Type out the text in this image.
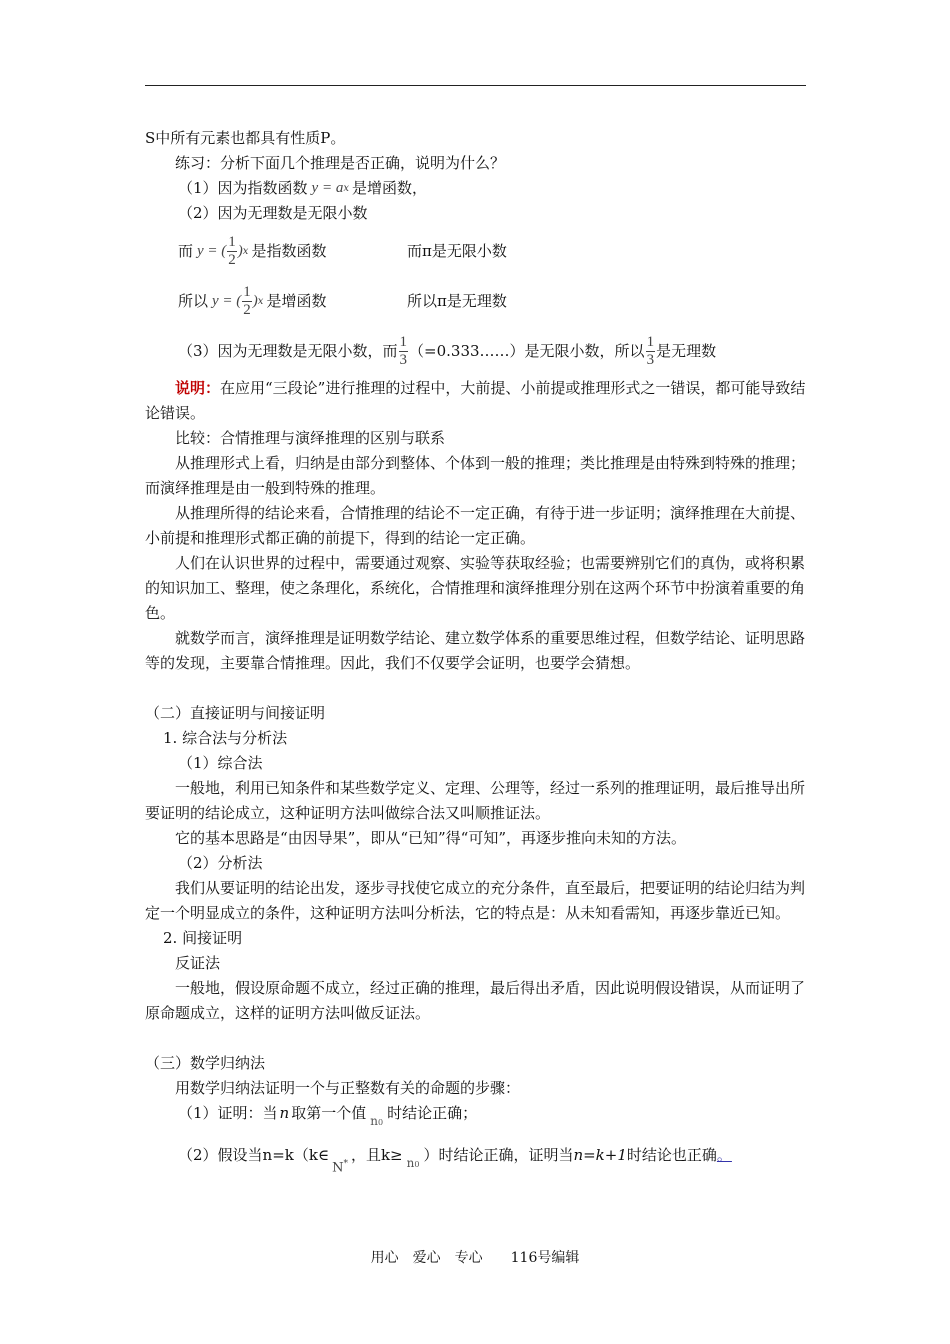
S中所有元素也都具有性质P。

练习：分析下面几个推理是否正确，说明为什么？

（1）因为指数函数 y = a x 是增函数，
（2）因为无理数是无限小数
而 y = ( $\frac{1}{2}$ ) x 是指数函数	而π是无限小数
所以 y = ( $\frac{1}{2}$ ) x 是增函数	所以π是无理数
（3）因为无理数是无限小数，而 $\frac{1}{3}$ （=0.333……）是无限小数，所以 $\frac{1}{3}$ 是无理数

说明：在应用“三段论”进行推理的过程中，大前提、小前提或推理形式之一错误，都可能导致结论错误。

比较：合情推理与演绎推理的区别与联系

从推理形式上看，归纳是由部分到整体、个体到一般的推理；类比推理是由特殊到特殊的推理；而演绎推理是由一般到特殊的推理。

从推理所得的结论来看，合情推理的结论不一定正确，有待于进一步证明；演绎推理在大前提、小前提和推理形式都正确的前提下，得到的结论一定正确。

人们在认识世界的过程中，需要通过观察、实验等获取经验；也需要辨别它们的真伪，或将积累的知识加工、整理，使之条理化，系统化，合情推理和演绎推理分别在这两个环节中扮演着重要的角色。

就数学而言，演绎推理是证明数学结论、建立数学体系的重要思维过程，但数学结论、证明思路等的发现，主要靠合情推理。因此，我们不仅要学会证明，也要学会猜想。

（二）直接证明与间接证明

1. 综合法与分析法

（1）综合法

一般地，利用已知条件和某些数学定义、定理、公理等，经过一系列的推理证明，最后推导出所要证明的结论成立，这种证明方法叫做综合法又叫顺推证法。

它的基本思路是“由因导果”，即从“已知”得“可知”，再逐步推向未知的方法。

（2）分析法

我们从要证明的结论出发，逐步寻找使它成立的充分条件，直至最后，把要证明的结论归结为判定一个明显成立的条件，这种证明方法叫分析法，它的特点是：从未知看需知，再逐步靠近已知。

2. 间接证明

反证法

一般地，假设原命题不成立，经过正确的推理，最后得出矛盾，因此说明假设错误，从而证明了原命题成立，这样的证明方法叫做反证法。

（三）数学归纳法

用数学归纳法证明一个与正整数有关的命题的步骤：

（1）证明：当 n 取第一个值 n0
时结论正确；
（2）假设当n=k（k∈
N* ，且k≥ n0
）时结论正确，证明当 n=k+1 时结论也正确 。
用心　爱心　专心　　116号编辑
